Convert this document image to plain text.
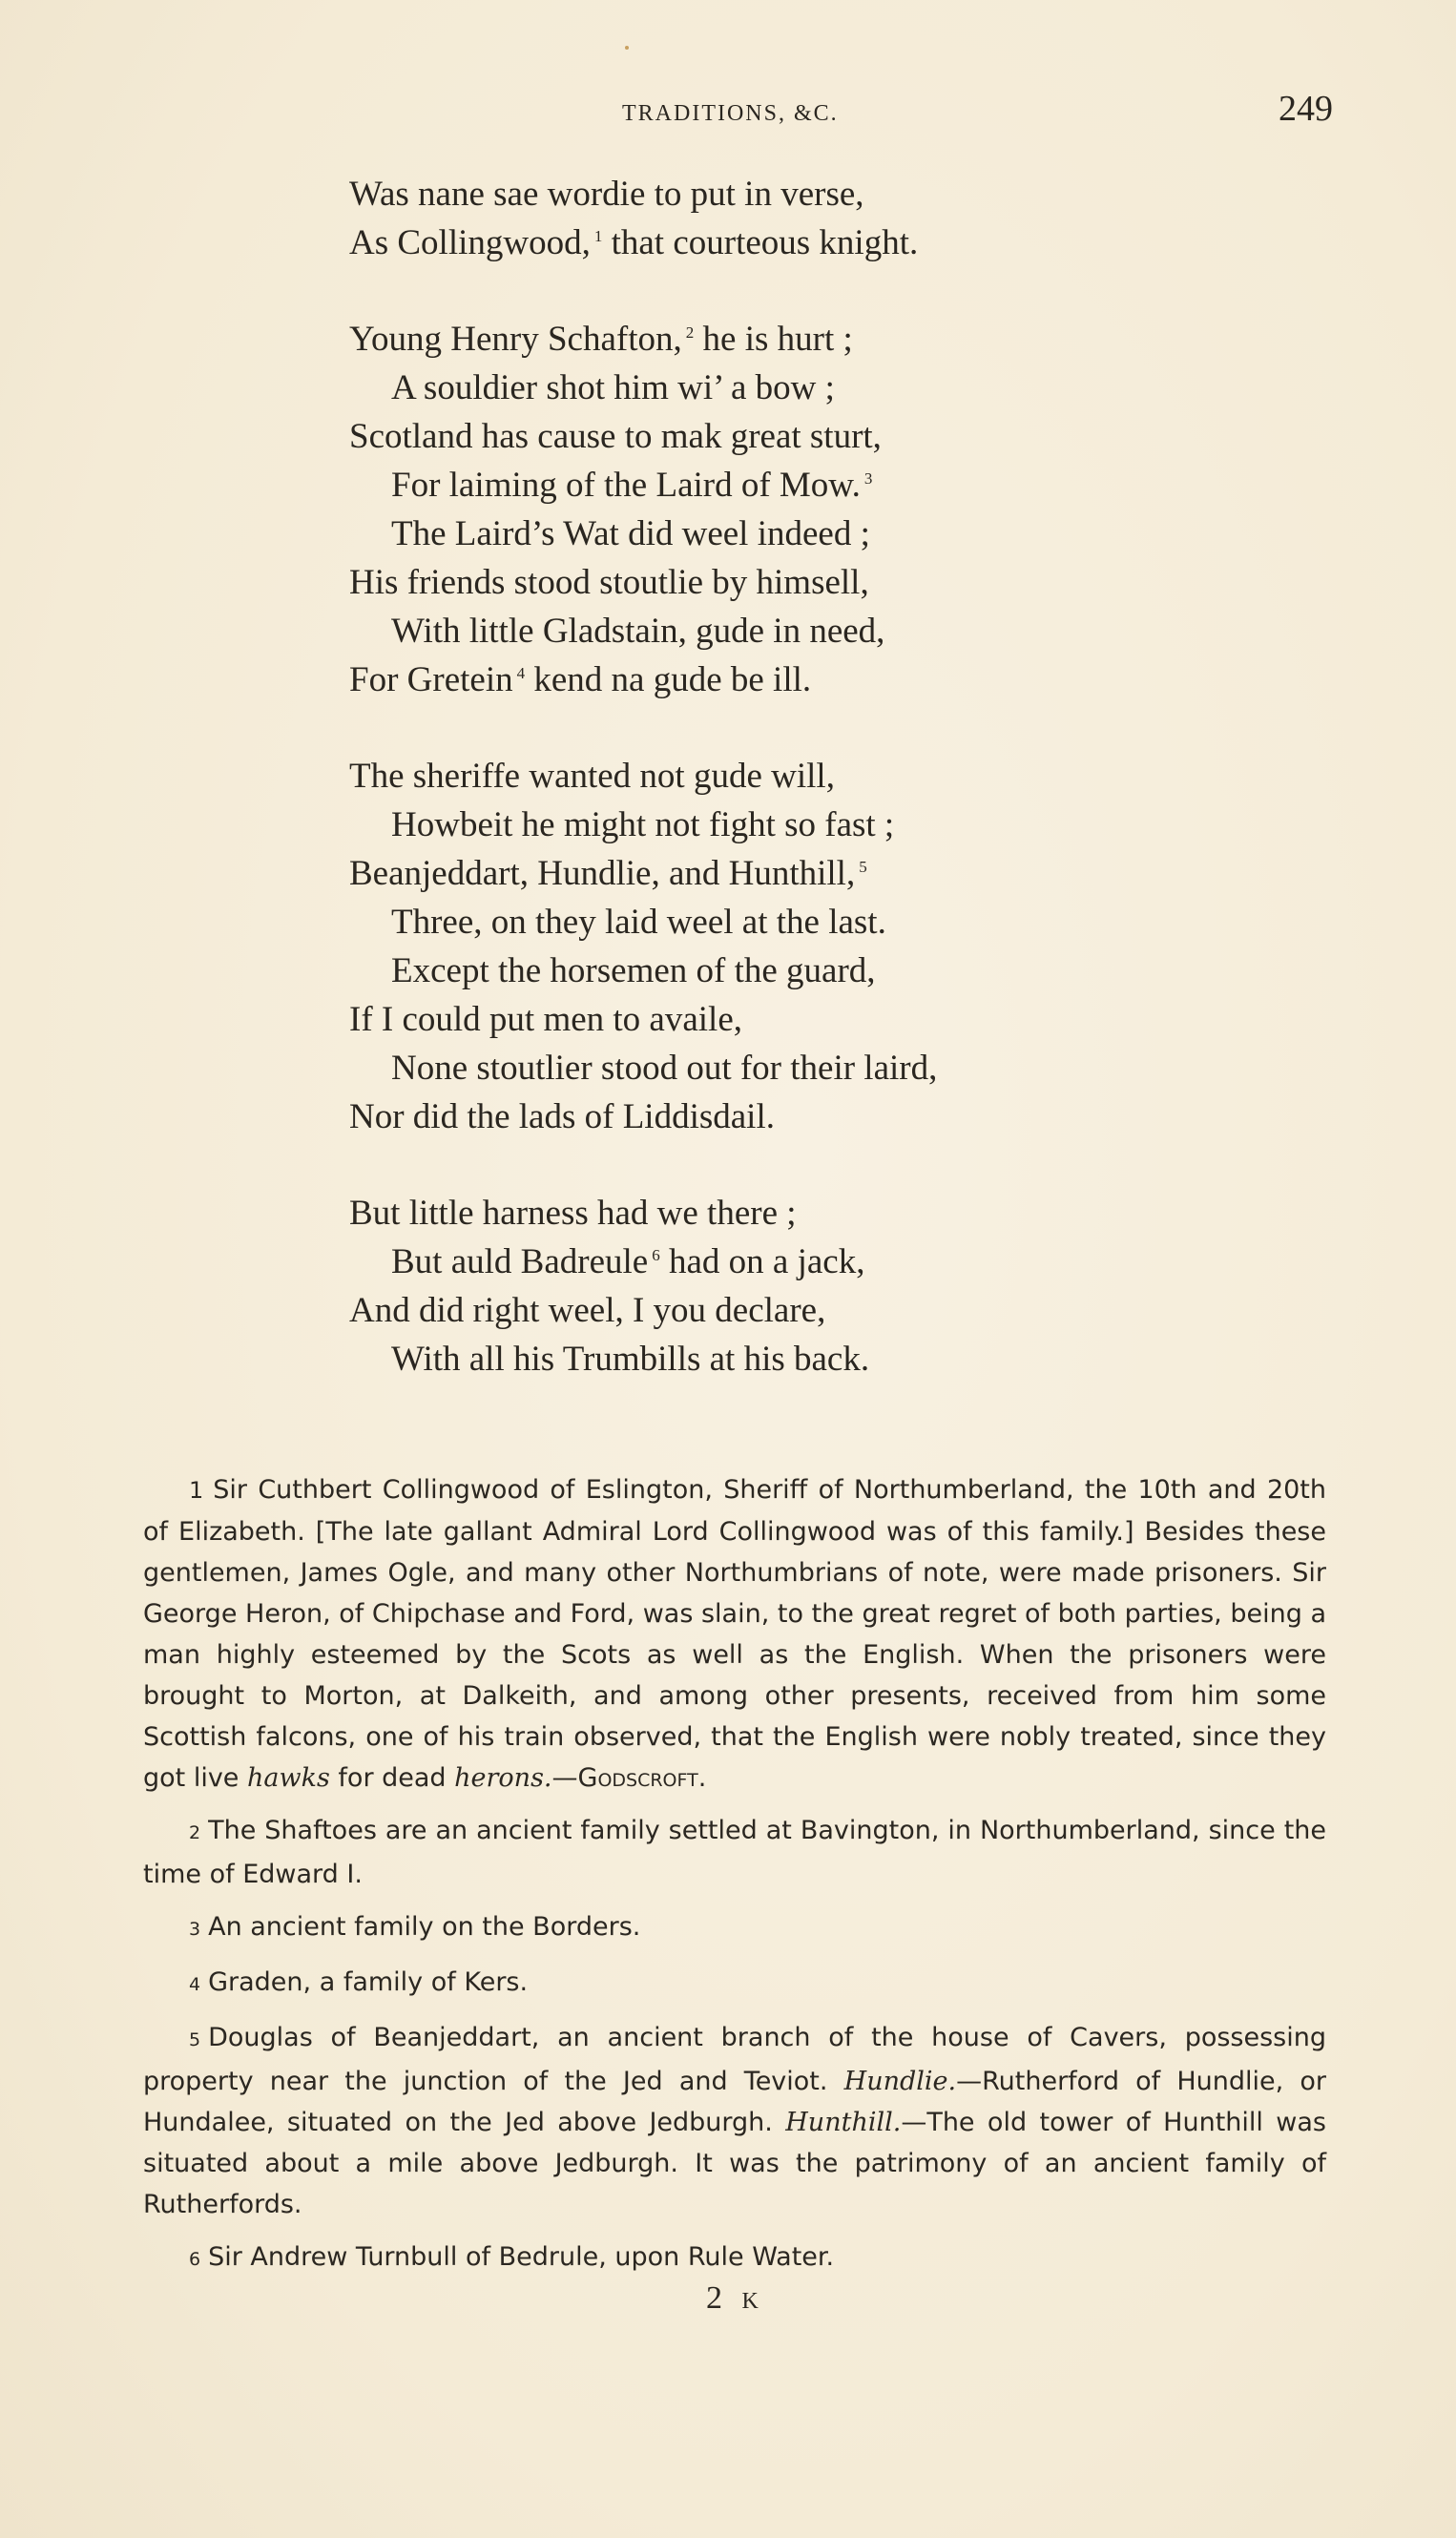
TRADITIONS, &C.	249
Was nane sae wordie to put in verse,
As Collingwood, $^1$ that courteous knight.
Young Henry Schafton, $^2$ he is hurt ;
A souldier shot him wi’ a bow ;
Scotland has cause to mak great sturt,
For laiming of the Laird of Mow. $^3$
The Laird’s Wat did weel indeed ;
His friends stood stoutlie by himsell,
With little Gladstain, gude in need,
For Gretein $^4$ kend na gude be ill.
The sheriffe wanted not gude will,
Howbeit he might not fight so fast ;
Beanjeddart, Hundlie, and Hunthill, $^5$
Three, on they laid weel at the last.
Except the horsemen of the guard,
If I could put men to availe,
None stoutlier stood out for their laird,
Nor did the lads of Liddisdail.
But little harness had we there ;
But auld Badreule $^6$ had on a jack,
And did right weel, I you declare,
With all his Trumbills at his back.

1 Sir Cuthbert Collingwood of Eslington, Sheriff of Northumberland, the 10th and 20th of Elizabeth. [The late gallant Admiral Lord Collingwood was of this family.] Besides these gentlemen, James Ogle, and many other Northumbrians of note, were made prisoners. Sir George Heron, of Chipchase and Ford, was slain, to the great regret of both parties, being a man highly esteemed by the Scots as well as the English. When the prisoners were brought to Morton, at Dalkeith, and among other presents, received from him some Scottish falcons, one of his train observed, that the English were nobly treated, since they got live hawks for dead herons.—Godscroft.

2 The Shaftoes are an ancient family settled at Bavington, in Northumberland, since the time of Edward I.

3 An ancient family on the Borders.

4 Graden, a family of Kers.

5 Douglas of Beanjeddart, an ancient branch of the house of Cavers, possessing property near the junction of the Jed and Teviot. Hundlie.—Rutherford of Hundlie, or Hundalee, situated on the Jed above Jedburgh. Hunthill.—The old tower of Hunthill was situated about a mile above Jedburgh. It was the patrimony of an ancient family of Rutherfords.

6 Sir Andrew Turnbull of Bedrule, upon Rule Water.

2 K
